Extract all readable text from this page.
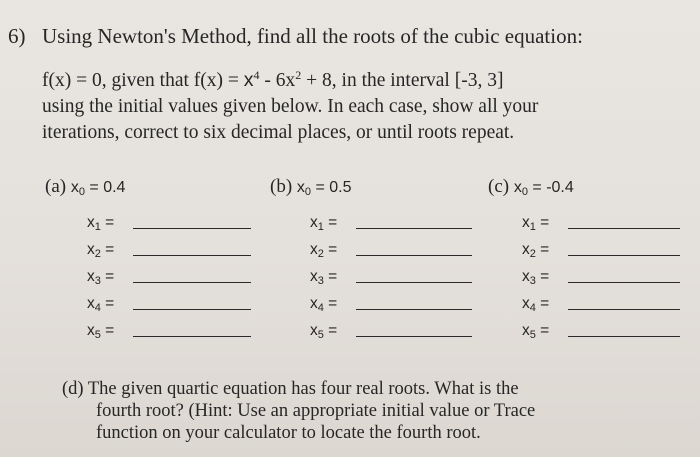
6) Using Newton's Method, find all the roots of the cubic equation:
f(x) = 0, given that $f(x) = x^4 - 6x^2 + 8$, in the interval [-3, 3]
using the initial values given below. In each case, show all your
iterations, correct to six decimal places, or until roots repeat.
(a) x0 = 0.4
$x_1$ =
$x_2$ =
$x_3$ =
$x_4$ =
$x_5$ =
(b) x0 = 0.5
$x_1$ =
$x_2$ =
$x_3$ =
$x_4$ =
$x_5$ =
(c) x0 = -0.4
$x_1$ =
$x_2$ =
$x_3$ =
$x_4$ =
$x_5$ =
(d) The given quartic equation has four real roots. What is the
fourth root? (Hint: Use an appropriate initial value or Trace
function on your calculator to locate the fourth root.
